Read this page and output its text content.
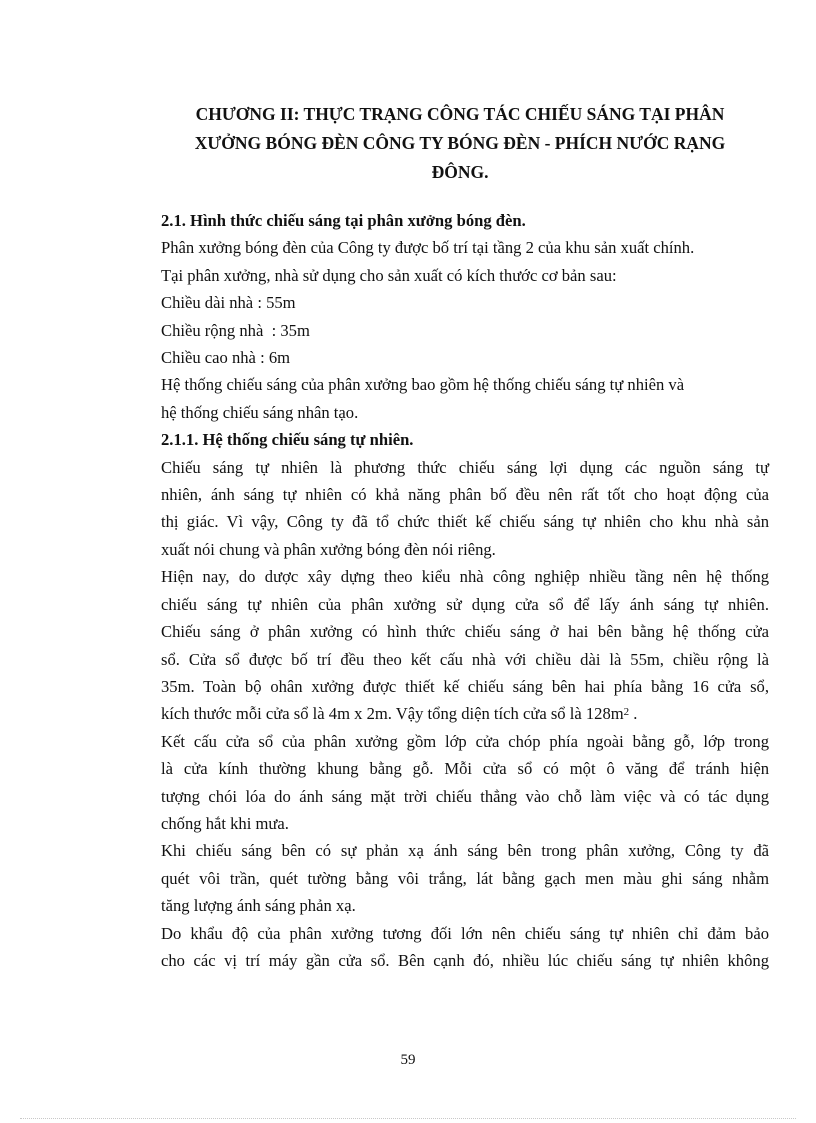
CHƯƠNG II: THỰC TRẠNG CÔNG TÁC CHIẾU SÁNG TẠI PHÂN
XƯỞNG BÓNG ĐÈN CÔNG TY BÓNG ĐÈN - PHÍCH NƯỚC RẠNG
ĐÔNG.
2.1. Hình thức chiếu sáng tại phân xưởng bóng đèn.
Phân xưởng bóng đèn của Công ty được bố trí tại tầng 2 của khu sản xuất chính.
Tại phân xưởng, nhà sử dụng cho sản xuất có kích thước cơ bản sau:
Chiều dài nhà : 55m
Chiều rộng nhà  : 35m
Chiều cao nhà : 6m
Hệ thống chiếu sáng của phân xưởng bao gồm hệ thống chiếu sáng tự nhiên và
hệ thống chiếu sáng nhân tạo.
2.1.1. Hệ thống chiếu sáng tự nhiên.
Chiếu sáng tự nhiên là phương thức chiếu sáng lợi dụng các nguồn sáng tự
nhiên, ánh sáng tự nhiên có khả năng phân bố đều nên rất tốt cho hoạt động của
thị giác. Vì vậy, Công ty đã tổ chức thiết kế chiếu sáng tự nhiên cho khu nhà sản
xuất nói chung và phân xưởng bóng đèn nói riêng.
Hiện nay, do dược xây dựng theo kiểu nhà công nghiệp nhiều tầng nên hệ thống
chiếu sáng tự nhiên của phân xưởng sử dụng cửa sổ để lấy ánh sáng tự nhiên.
Chiếu sáng ở phân xưởng có hình thức chiếu sáng ở hai bên bằng hệ thống cửa
sổ. Cửa sổ được bố trí đều theo kết cấu nhà với chiều dài là 55m, chiều rộng là
35m. Toàn bộ ohân xưởng được thiết kế chiếu sáng bên hai phía bằng 16 cửa sổ,
kích thước mỗi cửa sổ là 4m x 2m. Vậy tổng diện tích cửa sổ là $128m^2$ .
Kết cấu cửa sổ của phân xưởng gồm lớp cửa chóp phía ngoài bằng gỗ, lớp trong
là cửa kính thường khung bằng gỗ. Mỗi cửa sổ có một ô văng để tránh hiện
tượng chói lóa do ánh sáng mặt trời chiếu thẳng vào chỗ làm việc và có tác dụng
chống hắt khi mưa.
Khi chiếu sáng bên có sự phản xạ ánh sáng bên trong phân xưởng, Công ty đã
quét vôi trần, quét tường bằng vôi trắng, lát bằng gạch men màu ghi sáng nhằm
tăng lượng ánh sáng phản xạ.
Do khẩu độ của phân xưởng tương đối lớn nên chiếu sáng tự nhiên chỉ đảm bảo
cho các vị trí máy gần cửa sổ. Bên cạnh đó, nhiều lúc chiếu sáng tự nhiên không
59
